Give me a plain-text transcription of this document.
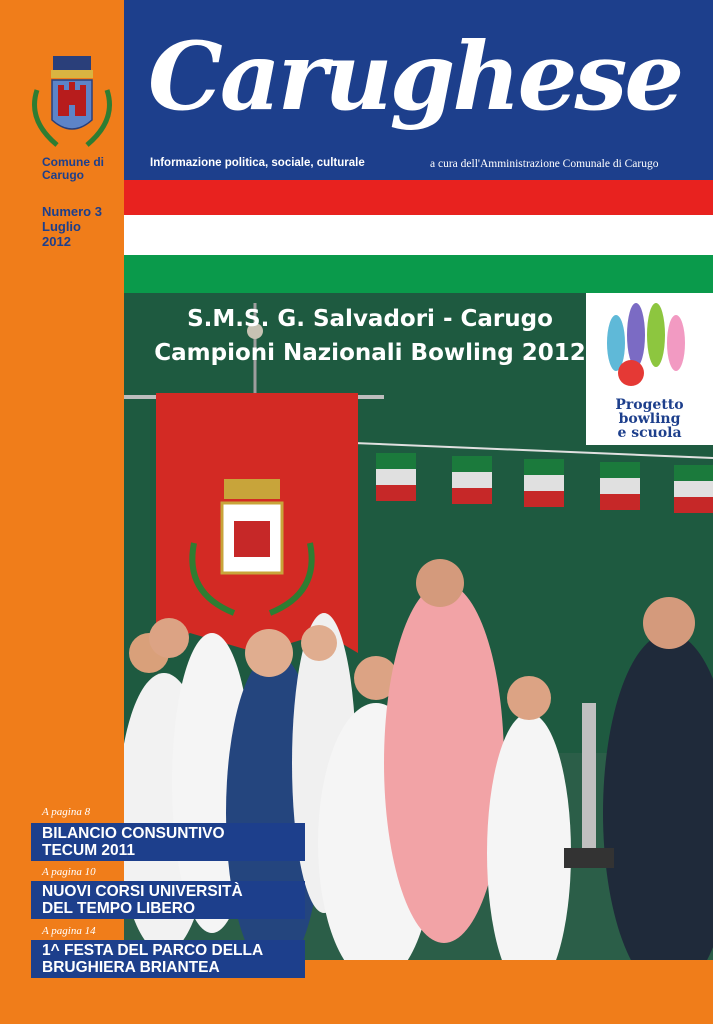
Comune di
Carugo
Numero 3
Luglio
2012
Carughese
Informazione politica, sociale, culturale	a cura dell'Amministrazione Comunale di Carugo
S.M.S. G. Salvadori - Carugo
Campioni Nazionali Bowling 2012
Progetto
bowling
e scuola
A pagina 8
BILANCIO CONSUNTIVO
TECUM 2011
A pagina 10
NUOVI CORSI UNIVERSITÀ
DEL TEMPO LIBERO
A pagina 14
1^ FESTA DEL PARCO DELLA
BRUGHIERA BRIANTEA
